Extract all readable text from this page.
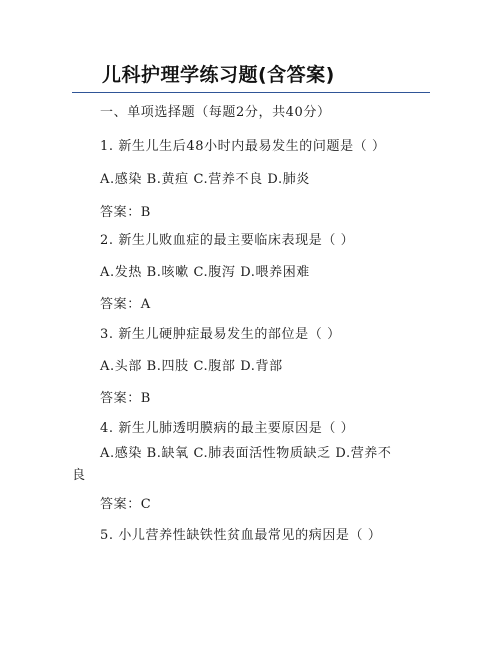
儿科护理学练习题(含答案)
一、单项选择题（每题2分，共40分）
1. 新生儿生后48小时内最易发生的问题是（ ）
A.感染 B.黄疸 C.营养不良 D.肺炎
答案：B
2. 新生儿败血症的最主要临床表现是（ ）
A.发热 B.咳嗽 C.腹泻 D.喂养困难
答案：A
3. 新生儿硬肿症最易发生的部位是（ ）
A.头部 B.四肢 C.腹部 D.背部
答案：B
4. 新生儿肺透明膜病的最主要原因是（ ）
A.感染 B.缺氧 C.肺表面活性物质缺乏 D.营养不
良
答案：C
5. 小儿营养性缺铁性贫血最常见的病因是（ ）
